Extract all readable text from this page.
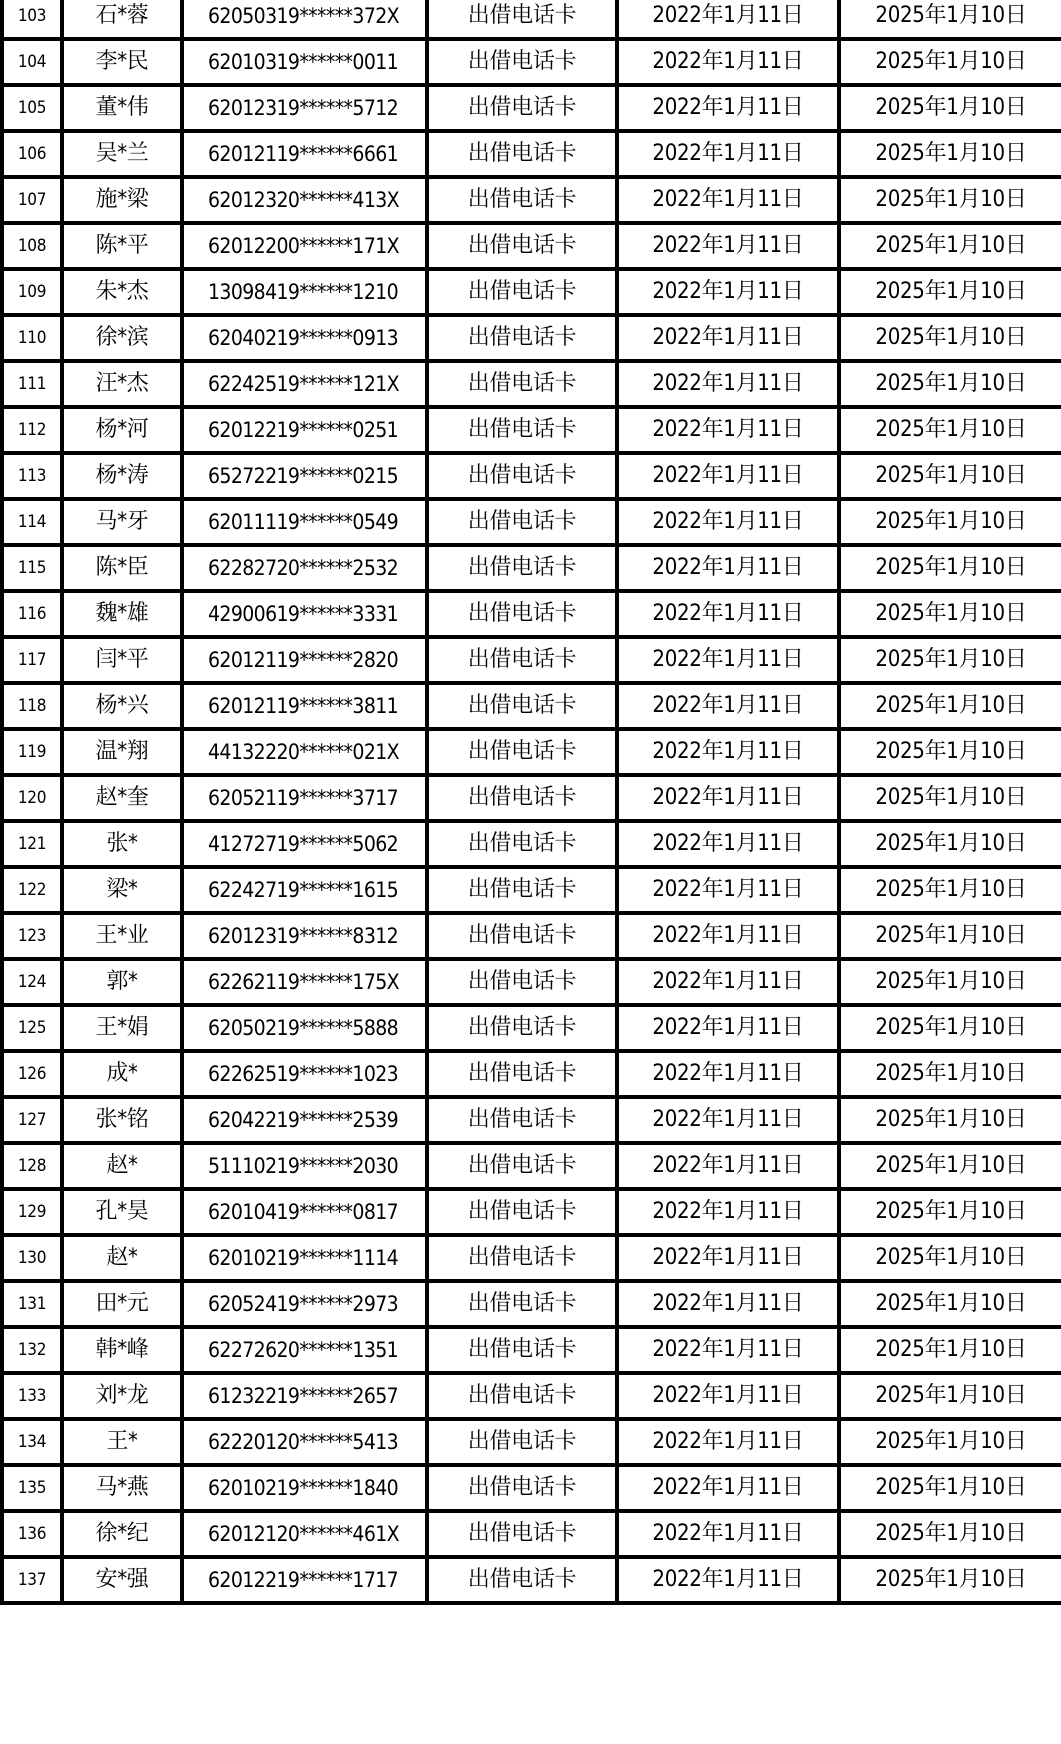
103	石*蓉	62050319******372X	出借电话卡	2022年1月11日	2025年1月10日
104	李*民	62010319******0011	出借电话卡	2022年1月11日	2025年1月10日
105	董*伟	62012319******5712	出借电话卡	2022年1月11日	2025年1月10日
106	吴*兰	62012119******6661	出借电话卡	2022年1月11日	2025年1月10日
107	施*梁	62012320******413X	出借电话卡	2022年1月11日	2025年1月10日
108	陈*平	62012200******171X	出借电话卡	2022年1月11日	2025年1月10日
109	朱*杰	13098419******1210	出借电话卡	2022年1月11日	2025年1月10日
110	徐*滨	62040219******0913	出借电话卡	2022年1月11日	2025年1月10日
111	汪*杰	62242519******121X	出借电话卡	2022年1月11日	2025年1月10日
112	杨*河	62012219******0251	出借电话卡	2022年1月11日	2025年1月10日
113	杨*涛	65272219******0215	出借电话卡	2022年1月11日	2025年1月10日
114	马*牙	62011119******0549	出借电话卡	2022年1月11日	2025年1月10日
115	陈*臣	62282720******2532	出借电话卡	2022年1月11日	2025年1月10日
116	魏*雄	42900619******3331	出借电话卡	2022年1月11日	2025年1月10日
117	闫*平	62012119******2820	出借电话卡	2022年1月11日	2025年1月10日
118	杨*兴	62012119******3811	出借电话卡	2022年1月11日	2025年1月10日
119	温*翔	44132220******021X	出借电话卡	2022年1月11日	2025年1月10日
120	赵*奎	62052119******3717	出借电话卡	2022年1月11日	2025年1月10日
121	张*	41272719******5062	出借电话卡	2022年1月11日	2025年1月10日
122	梁*	62242719******1615	出借电话卡	2022年1月11日	2025年1月10日
123	王*业	62012319******8312	出借电话卡	2022年1月11日	2025年1月10日
124	郭*	62262119******175X	出借电话卡	2022年1月11日	2025年1月10日
125	王*娟	62050219******5888	出借电话卡	2022年1月11日	2025年1月10日
126	成*	62262519******1023	出借电话卡	2022年1月11日	2025年1月10日
127	张*铭	62042219******2539	出借电话卡	2022年1月11日	2025年1月10日
128	赵*	51110219******2030	出借电话卡	2022年1月11日	2025年1月10日
129	孔*昊	62010419******0817	出借电话卡	2022年1月11日	2025年1月10日
130	赵*	62010219******1114	出借电话卡	2022年1月11日	2025年1月10日
131	田*元	62052419******2973	出借电话卡	2022年1月11日	2025年1月10日
132	韩*峰	62272620******1351	出借电话卡	2022年1月11日	2025年1月10日
133	刘*龙	61232219******2657	出借电话卡	2022年1月11日	2025年1月10日
134	王*	62220120******5413	出借电话卡	2022年1月11日	2025年1月10日
135	马*燕	62010219******1840	出借电话卡	2022年1月11日	2025年1月10日
136	徐*纪	62012120******461X	出借电话卡	2022年1月11日	2025年1月10日
137	安*强	62012219******1717	出借电话卡	2022年1月11日	2025年1月10日
